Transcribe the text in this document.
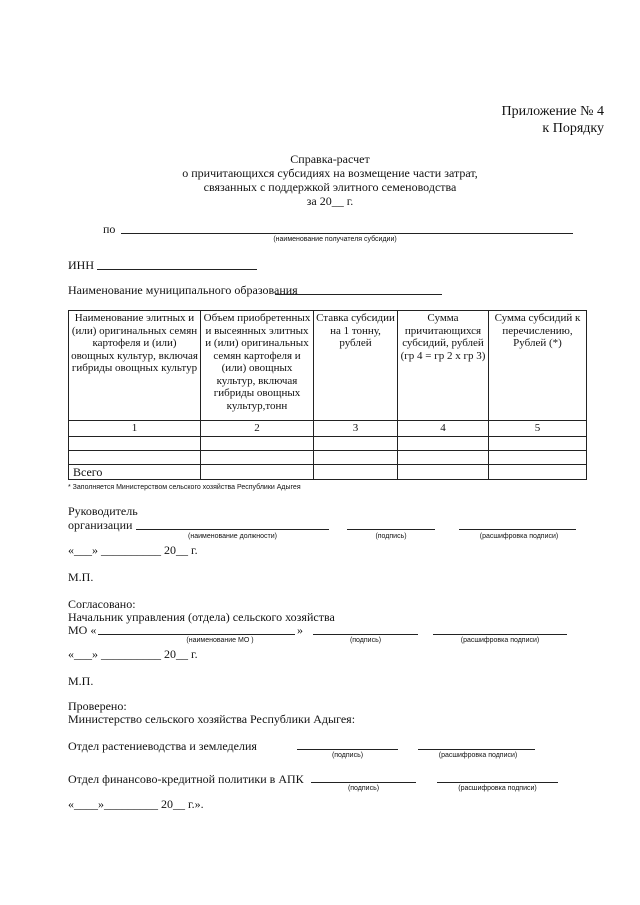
Приложение № 4
к Порядку
Справка-расчет
о причитающихся субсидиях на возмещение части затрат,
связанных с поддержкой элитного семеноводства
за 20__ г.
по
(наименование получателя субсидии)
ИНН
Наименование муниципального образования
Наименование элитных и (или) оригинальных семян картофеля и (или) овощных культур, включая гибриды овощных культур	Объем приобретенных и высеянных элитных и (или) оригинальных семян картофеля и (или) овощных культур, включая гибриды овощных культур,тонн	Ставка субсидии на 1 тонну, рублей	Сумма причитающихся субсидий, рублей (гр 4 = гр 2 х гр 3)	Сумма субсидий к перечислению, Рублей (*)
1	2	3	4	5

Всего				
* Заполняется Министерством сельского хозяйства Республики Адыгея
Руководитель
организации
(наименование должности)	(подпись)	(расшифровка подписи)
«___» __________ 20__ г.
М.П.
Согласовано:
Начальник управления (отдела) сельского хозяйства
МО «	»
(наименование МО )	(подпись)	(расшифровка подписи)
«___» __________ 20__ г.
М.П.
Проверено:
Министерство сельского хозяйства Республики Адыгея:
Отдел растениеводства и земледелия
(подпись)	(расшифровка подписи)
Отдел финансово-кредитной политики в АПК
(подпись)	(расшифровка подписи)
«____»_________ 20__ г.».
